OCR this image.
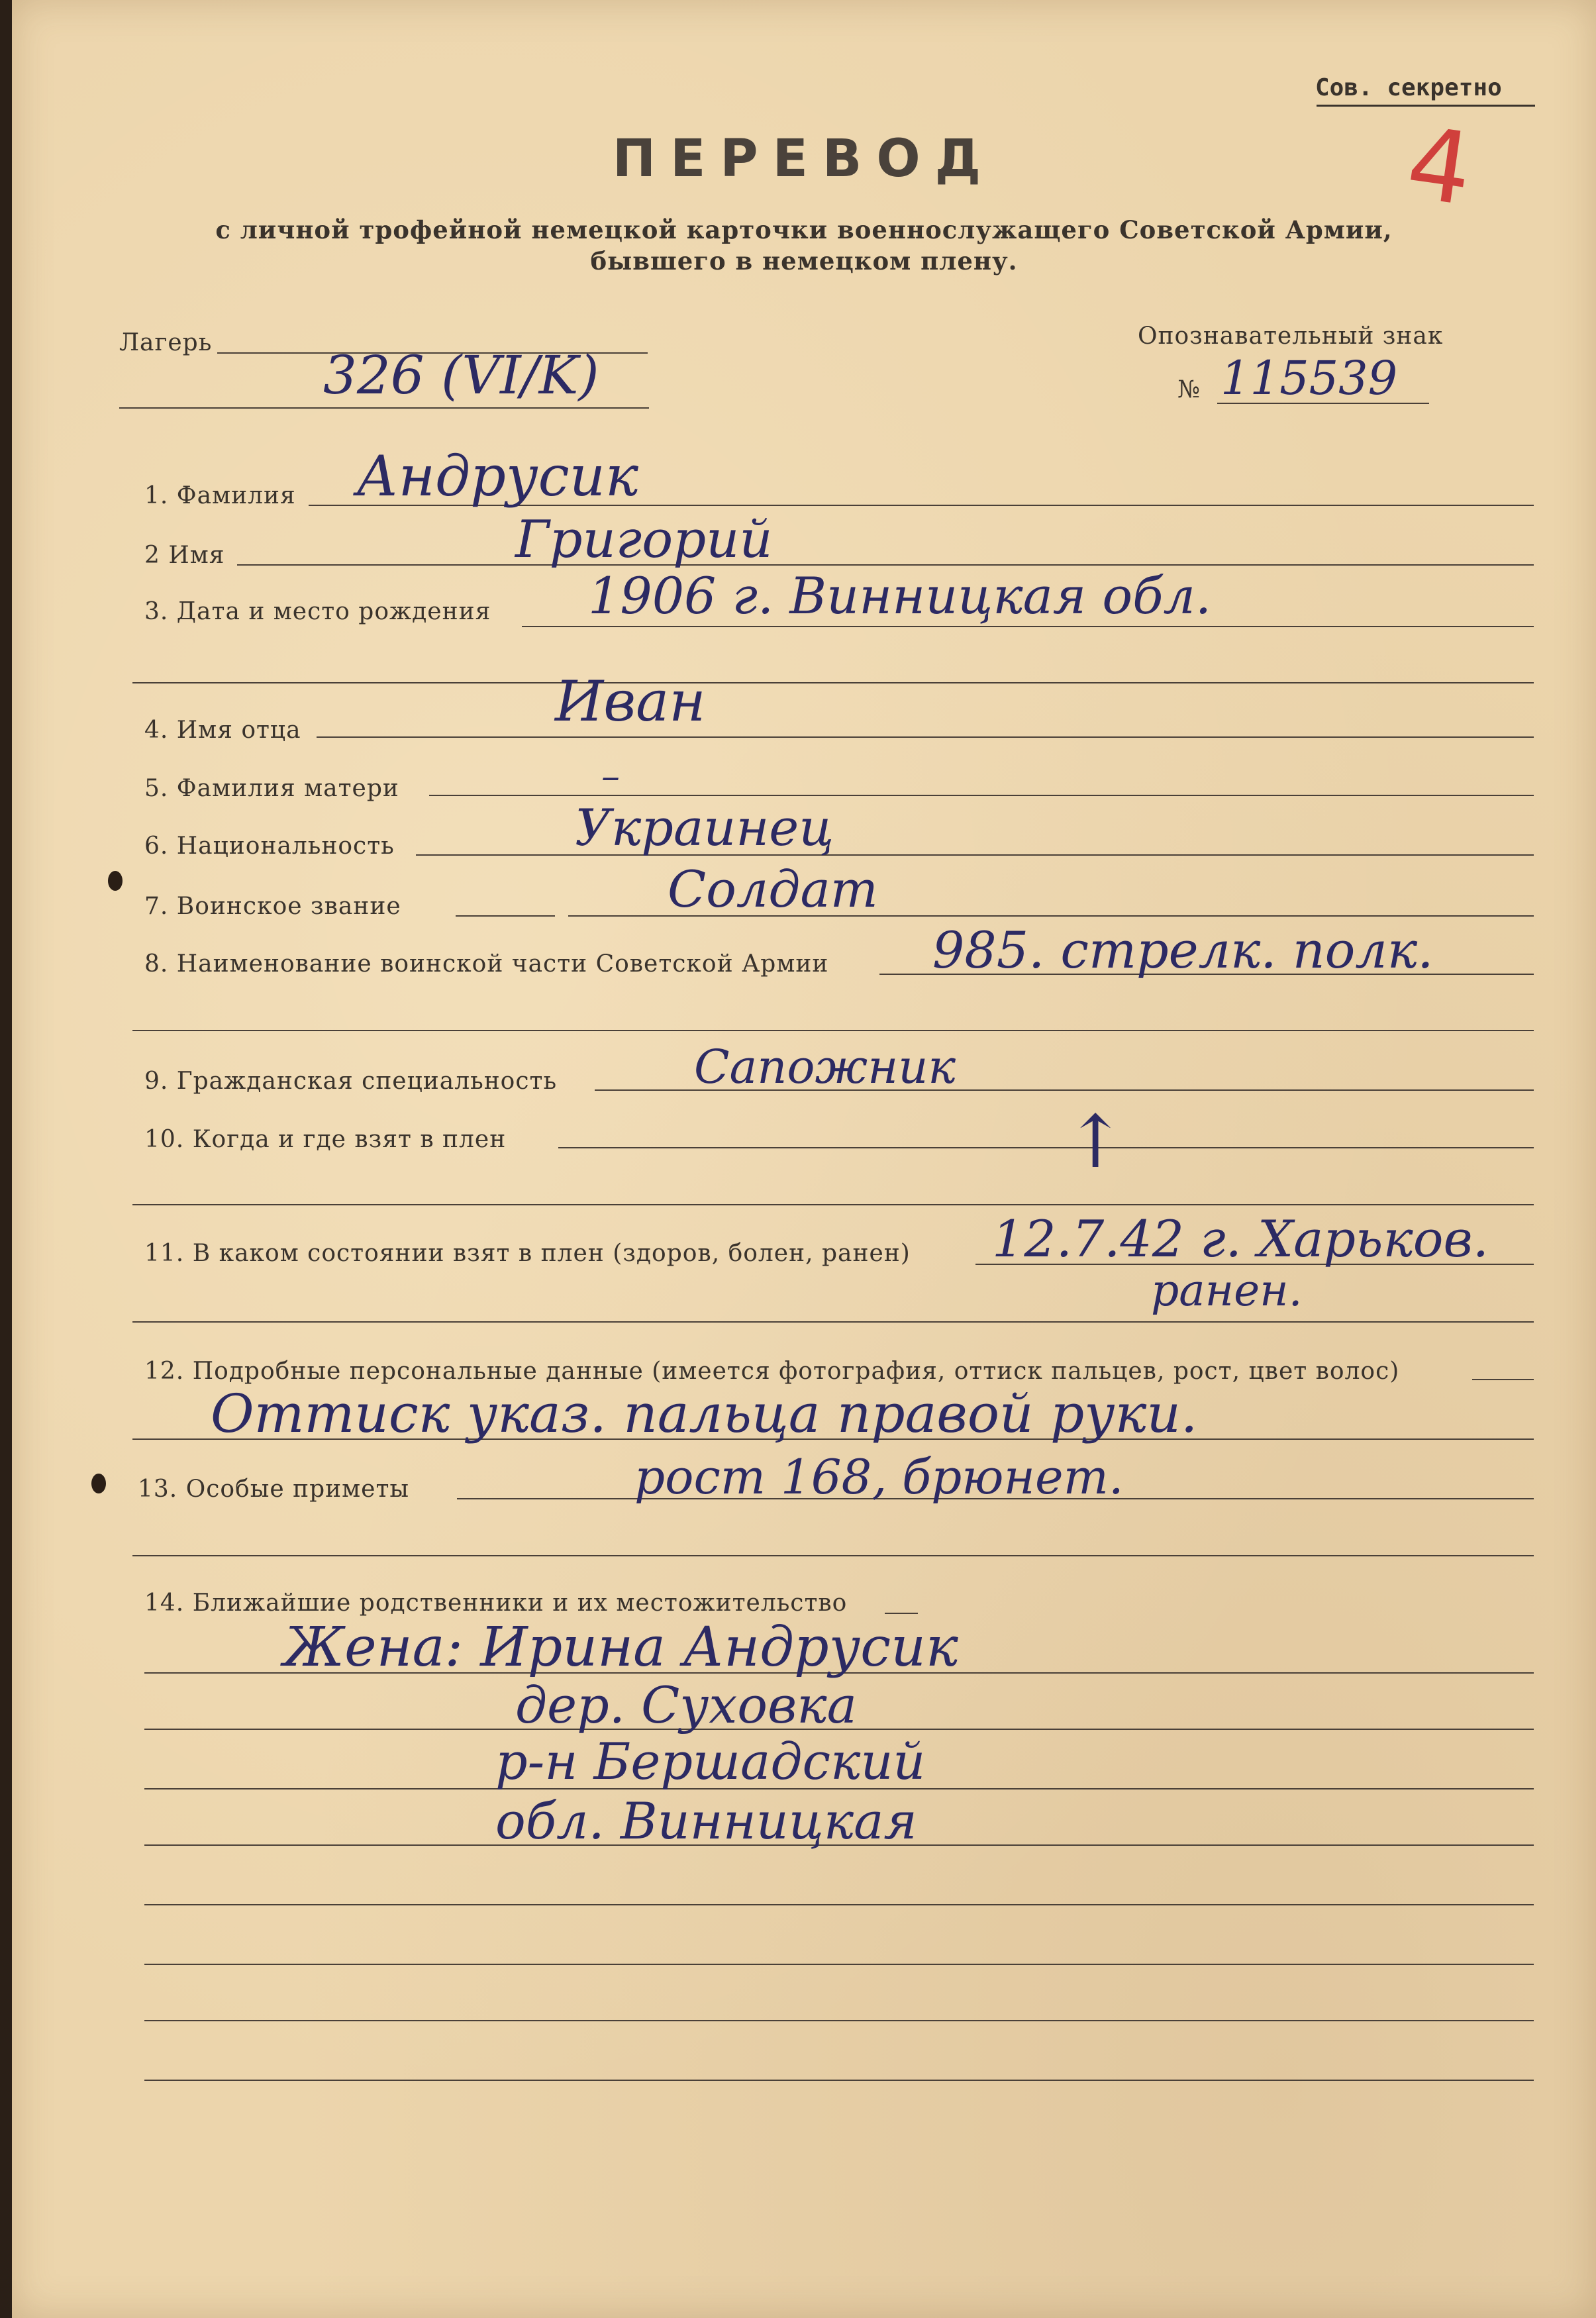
Сов. секретно
4
ПЕРЕВОД
с личной трофейной немецкой карточки военнослужащего Советской Армии,
бывшего в немецком плену.
Лагерь
326 (VI/K)
Опознавательный знак
№ 115539
1. Фамилия Андрусик
2 Имя	Григорий
3. Дата и место рождения 1906 г. Винницкая обл.
4. Имя отца	Иван
5. Фамилия матери	–
6. Национальность	Украинец
7. Воинское звание	Солдат
8. Наименование воинской части Советской Армии 985. стрелк. полк.
9. Гражданская специальность	Сапожник
10. Когда и где взят в плен	↑
11. В каком состоянии взят в плен (здоров, болен, ранен) 12.7.42 г. Харьков.
ранен.
12. Подробные персональные данные (имеется фотография, оттиск пальцев, рост, цвет волос)
Оттиск указ. пальца правой руки.
13. Особые приметы	рост 168, брюнет.
14. Ближайшие родственники и их местожительство
Жена: Ирина Андрусик
дер. Суховка
р-н Бершадский
обл. Винницкая
